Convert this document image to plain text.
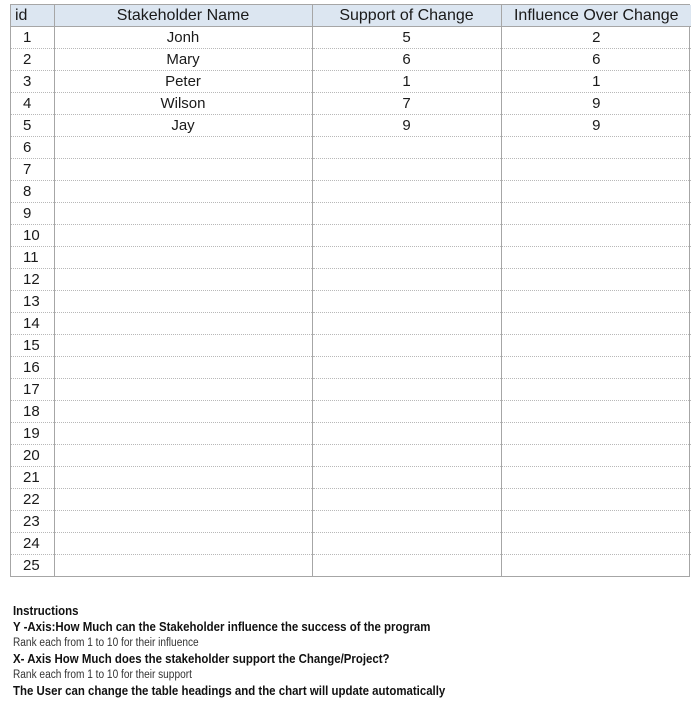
id	Stakeholder Name	Support of Change	Influence Over Change
1	Jonh	5	2
2	Mary	6	6
3	Peter	1	1
4	Wilson	7	9
5	Jay	9	9
6			
7			
8			
9			
10			
11			
12			
13			
14			
15			
16			
17			
18			
19			
20			
21			
22			
23			
24			
25			
Instructions
Y -Axis:How Much can the Stakeholder influence the success of the program
Rank each from 1 to 10 for their influence
X- Axis How Much does the stakeholder support the Change/Project?
Rank each from 1 to 10 for their support
The User can change the table headings and the chart will update automatically
